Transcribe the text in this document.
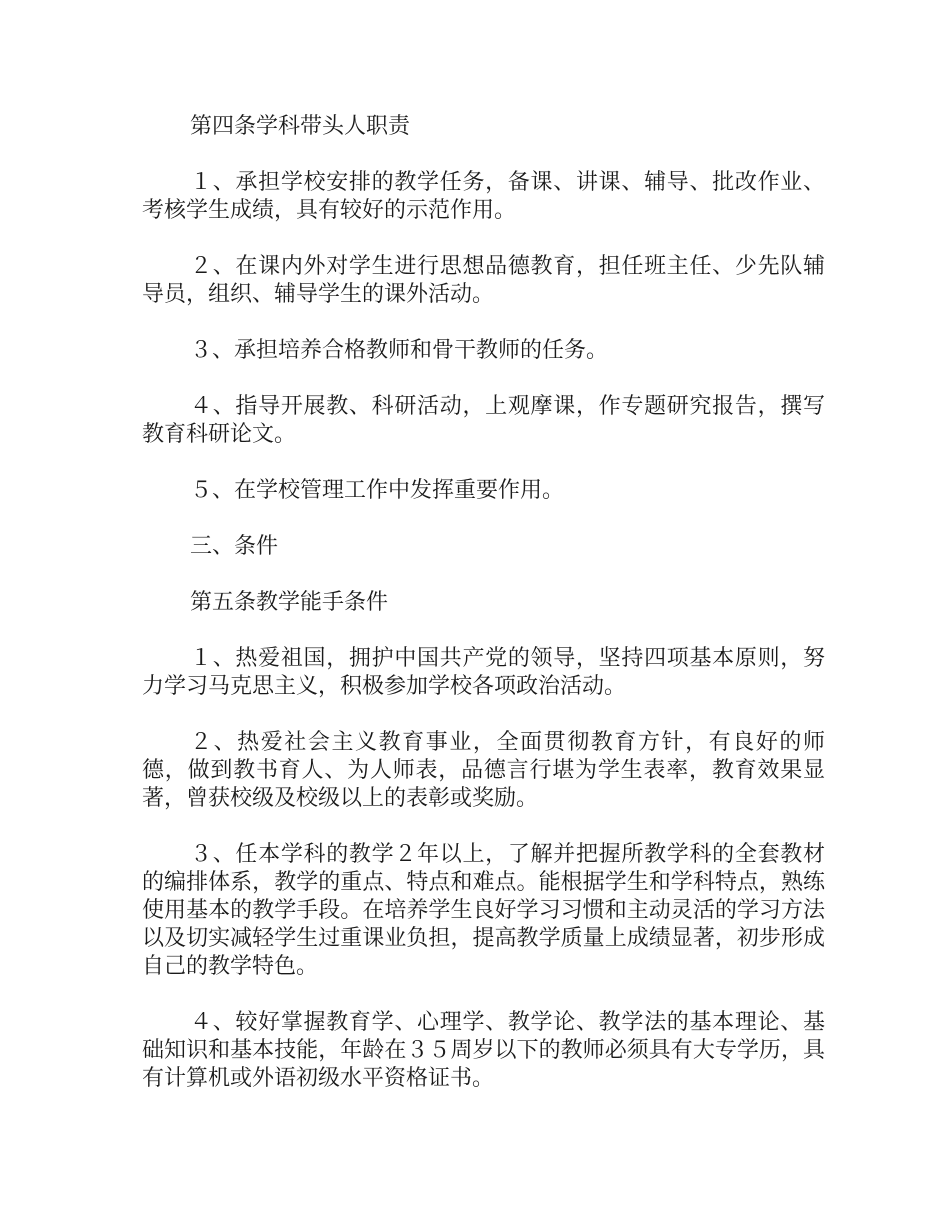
第四条学科带头人职责

１、承担学校安排的教学任务，备课、讲课、辅导、批改作业、考核学生成绩，具有较好的示范作用。

２、在课内外对学生进行思想品德教育，担任班主任、少先队辅导员，组织、辅导学生的课外活动。

３、承担培养合格教师和骨干教师的任务。

４、指导开展教、科研活动，上观摩课，作专题研究报告，撰写教育科研论文。

５、在学校管理工作中发挥重要作用。

三、条件

第五条教学能手条件

１、热爱祖国，拥护中国共产党的领导，坚持四项基本原则，努力学习马克思主义，积极参加学校各项政治活动。

２、热爱社会主义教育事业，全面贯彻教育方针，有良好的师德，做到教书育人、为人师表，品德言行堪为学生表率，教育效果显著，曾获校级及校级以上的表彰或奖励。

３、任本学科的教学２年以上，了解并把握所教学科的全套教材的编排体系，教学的重点、特点和难点。能根据学生和学科特点，熟练使用基本的教学手段。在培养学生良好学习习惯和主动灵活的学习方法以及切实减轻学生过重课业负担，提高教学质量上成绩显著，初步形成自己的教学特色。

４、较好掌握教育学、心理学、教学论、教学法的基本理论、基础知识和基本技能，年龄在３５周岁以下的教师必须具有大专学历，具有计算机或外语初级水平资格证书。
